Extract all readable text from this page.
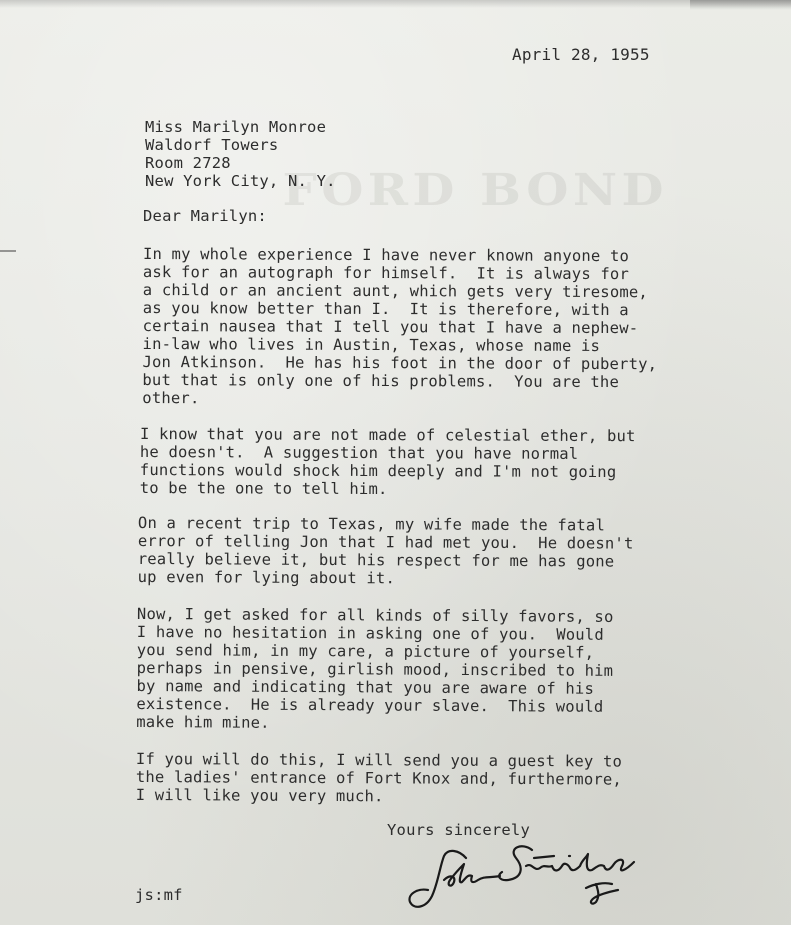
FORD BOND

April 28, 1955

Miss Marilyn Monroe
Waldorf Towers
Room 2728
New York City, N. Y.

Dear Marilyn:

In my whole experience I have never known anyone to
ask for an autograph for himself.  It is always for
a child or an ancient aunt, which gets very tiresome,
as you know better than I.  It is therefore, with a
certain nausea that I tell you that I have a nephew-
in-law who lives in Austin, Texas, whose name is
Jon Atkinson.  He has his foot in the door of puberty,
but that is only one of his problems.  You are the
other.

I know that you are not made of celestial ether, but
he doesn't.  A suggestion that you have normal
functions would shock him deeply and I'm not going
to be the one to tell him.

On a recent trip to Texas, my wife made the fatal
error of telling Jon that I had met you.  He doesn't
really believe it, but his respect for me has gone
up even for lying about it.

Now, I get asked for all kinds of silly favors, so
I have no hesitation in asking one of you.  Would
you send him, in my care, a picture of yourself,
perhaps in pensive, girlish mood, inscribed to him
by name and indicating that you are aware of his
existence.  He is already your slave.  This would
make him mine.

If you will do this, I will send you a guest key to
the ladies' entrance of Fort Knox and, furthermore,
I will like you very much.

Yours sincerely

js:mf
